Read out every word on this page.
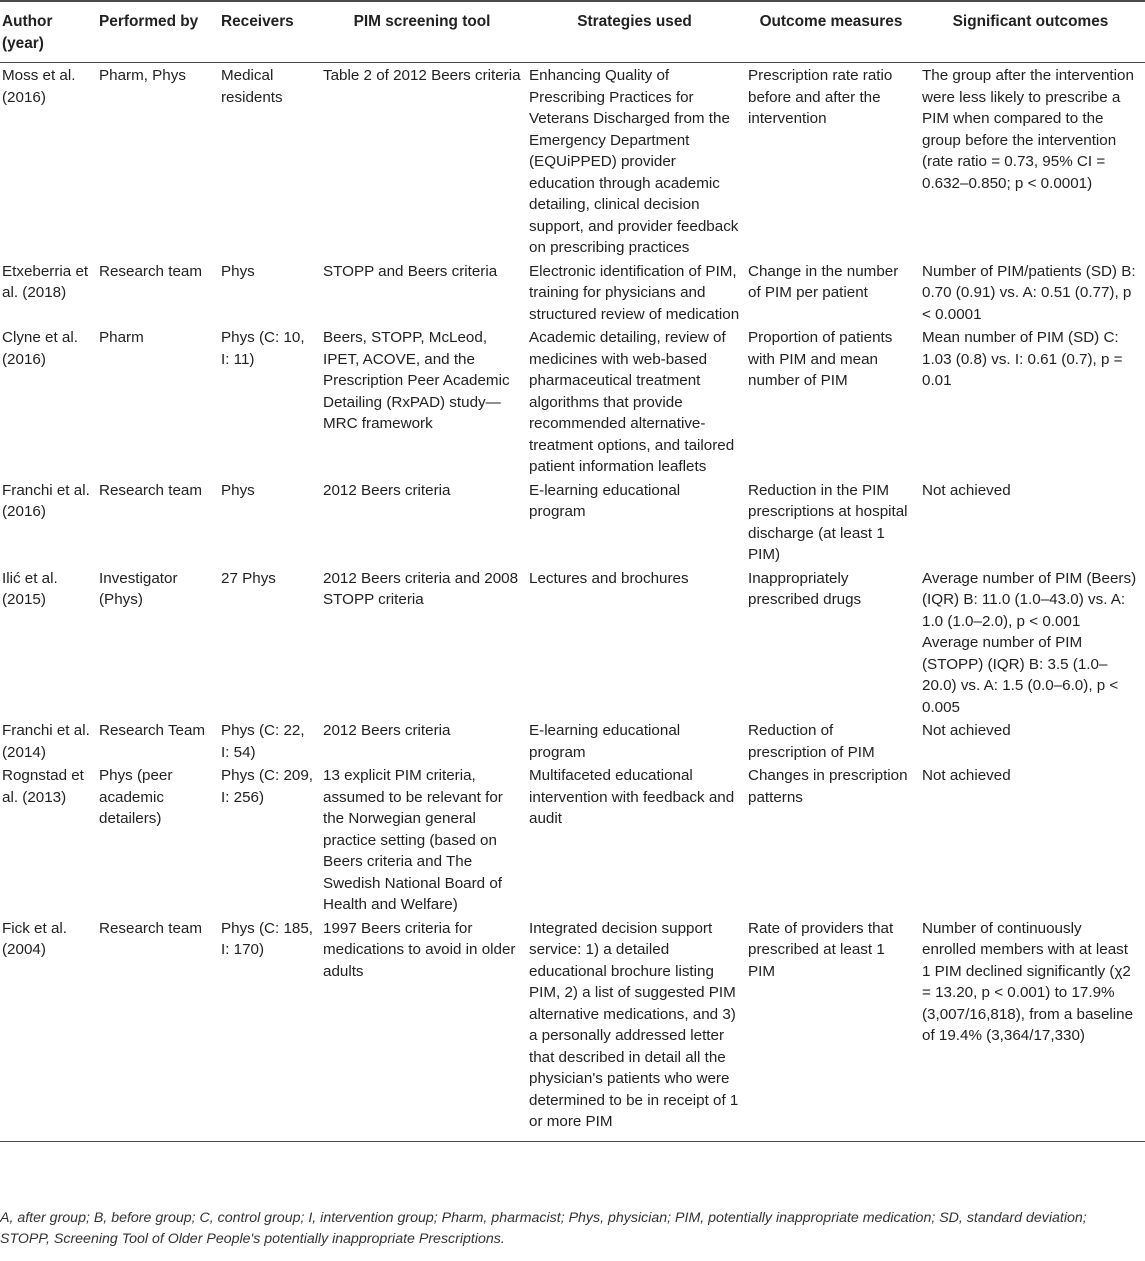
Author (year)	Performed by	Receivers	PIM screening tool	Strategies used	Outcome measures	Significant outcomes
Moss et al. (2016)	Pharm, Phys	Medical residents	Table 2 of 2012 Beers criteria	Enhancing Quality of Prescribing Practices for Veterans Discharged from the Emergency Department (EQUiPPED) provider education through academic detailing, clinical decision support, and provider feedback on prescribing practices	Prescription rate ratio before and after the intervention	The group after the intervention were less likely to prescribe a PIM when compared to the group before the intervention (rate ratio = 0.73, 95% CI = 0.632–0.850; p < 0.0001)
Etxeberria et al. (2018)	Research team	Phys	STOPP and Beers criteria	Electronic identification of PIM, training for physicians and structured review of medication	Change in the number of PIM per patient	Number of PIM/patients (SD) B: 0.70 (0.91) vs. A: 0.51 (0.77), p < 0.0001
Clyne et al. (2016)	Pharm	Phys (C: 10, I: 11)	Beers, STOPP, McLeod, IPET, ACOVE, and the Prescription Peer Academic Detailing (RxPAD) study—MRC framework	Academic detailing, review of medicines with web-based pharmaceutical treatment algorithms that provide recommended alternative-treatment options, and tailored patient information leaflets	Proportion of patients with PIM and mean number of PIM	Mean number of PIM (SD) C: 1.03 (0.8) vs. I: 0.61 (0.7), p = 0.01
Franchi et al. (2016)	Research team	Phys	2012 Beers criteria	E-learning educational program	Reduction in the PIM prescriptions at hospital discharge (at least 1 PIM)	Not achieved
Ilić et al. (2015)	Investigator (Phys)	27 Phys	2012 Beers criteria and 2008 STOPP criteria	Lectures and brochures	Inappropriately prescribed drugs	Average number of PIM (Beers) (IQR) B: 11.0 (1.0–43.0) vs. A: 1.0 (1.0–2.0), p < 0.001 Average number of PIM (STOPP) (IQR) B: 3.5 (1.0–20.0) vs. A: 1.5 (0.0–6.0), p < 0.005
Franchi et al. (2014)	Research Team	Phys (C: 22, I: 54)	2012 Beers criteria	E-learning educational program	Reduction of prescription of PIM	Not achieved
Rognstad et al. (2013)	Phys (peer academic detailers)	Phys (C: 209, I: 256)	13 explicit PIM criteria, assumed to be relevant for the Norwegian general practice setting (based on Beers criteria and The Swedish National Board of Health and Welfare)	Multifaceted educational intervention with feedback and audit	Changes in prescription patterns	Not achieved
Fick et al. (2004)	Research team	Phys (C: 185, I: 170)	1997 Beers criteria for medications to avoid in older adults	Integrated decision support service: 1) a detailed educational brochure listing PIM, 2) a list of suggested PIM alternative medications, and 3) a personally addressed letter that described in detail all the physician's patients who were determined to be in receipt of 1 or more PIM	Rate of providers that prescribed at least 1 PIM	Number of continuously enrolled members with at least 1 PIM declined significantly (χ2 = 13.20, p < 0.001) to 17.9% (3,007/16,818), from a baseline of 19.4% (3,364/17,330)
A, after group; B, before group; C, control group; I, intervention group; Pharm, pharmacist; Phys, physician; PIM, potentially inappropriate medication; SD, standard deviation; STOPP, Screening Tool of Older People's potentially inappropriate Prescriptions.
